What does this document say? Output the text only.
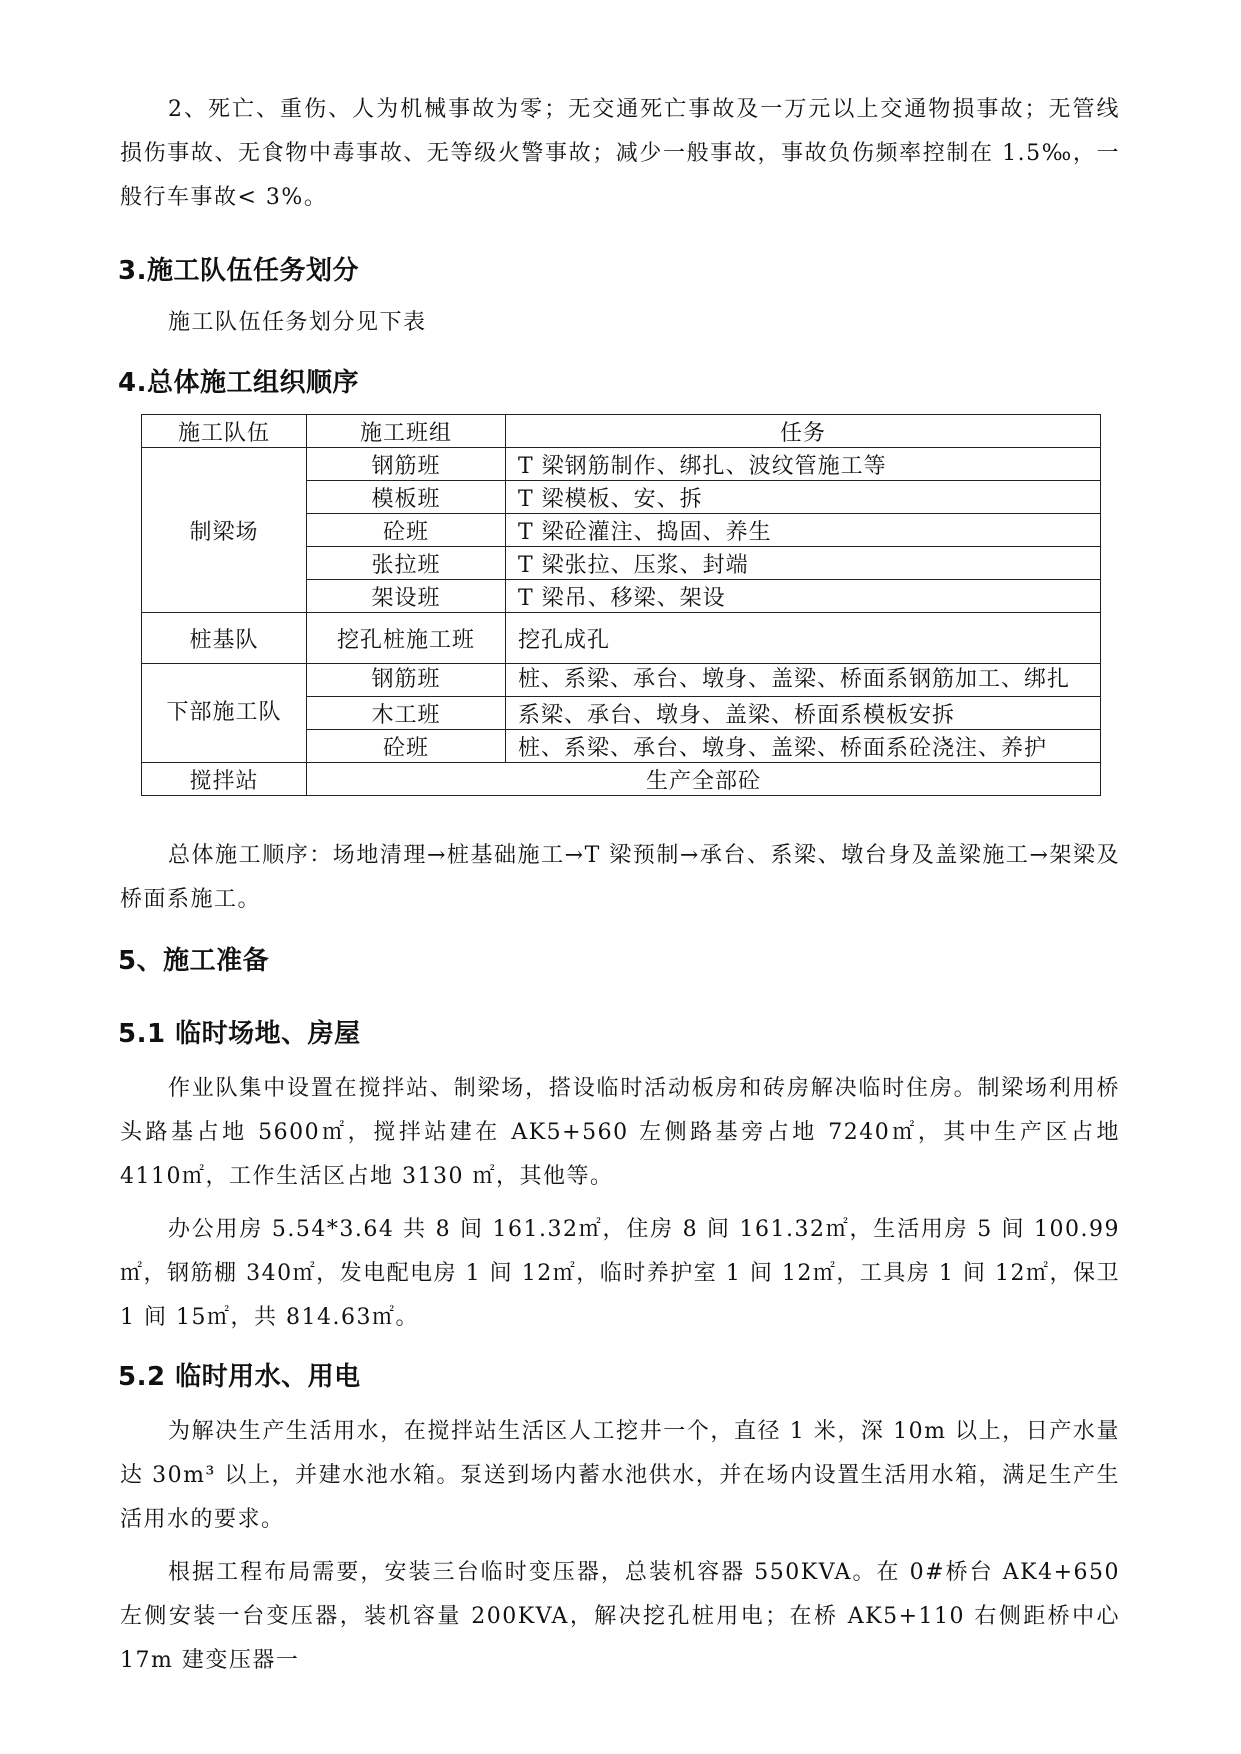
2、死亡、重伤、人为机械事故为零；无交通死亡事故及一万元以上交通物损事故；无管线损伤事故、无食物中毒事故、无等级火警事故；减少一般事故，事故负伤频率控制在 1.5‰，一般行车事故< 3%。

3.施工队伍任务划分

施工队伍任务划分见下表

4.总体施工组织顺序
施工队伍	施工班组	任务
制梁场	钢筋班	T 梁钢筋制作、绑扎、波纹管施工等
	模板班	T 梁模板、安、拆
	砼班	T 梁砼灌注、捣固、养生
	张拉班	T 梁张拉、压浆、封端
	架设班	T 梁吊、移梁、架设
桩基队	挖孔桩施工班	挖孔成孔
下部施工队	钢筋班	桩、系梁、承台、墩身、盖梁、桥面系钢筋加工、绑扎
	木工班	系梁、承台、墩身、盖梁、桥面系模板安拆
	砼班	桩、系梁、承台、墩身、盖梁、桥面系砼浇注、养护
搅拌站	生产全部砼	

总体施工顺序：场地清理→桩基础施工→T 梁预制→承台、系梁、墩台身及盖梁施工→架梁及桥面系施工。

5、施工准备
5.1 临时场地、房屋

作业队集中设置在搅拌站、制梁场，搭设临时活动板房和砖房解决临时住房。制梁场利用桥头路基占地 5600㎡，搅拌站建在 AK5+560 左侧路基旁占地 7240㎡，其中生产区占地 4110㎡，工作生活区占地 3130 ㎡，其他等。

办公用房 5.54*3.64 共 8 间 161.32㎡，住房 8 间 161.32㎡，生活用房 5 间 100.99㎡，钢筋棚 340㎡，发电配电房 1 间 12㎡，临时养护室 1 间 12㎡，工具房 1 间 12㎡，保卫 1 间 15㎡，共 814.63㎡。

5.2 临时用水、用电

为解决生产生活用水，在搅拌站生活区人工挖井一个，直径 1 米，深 10m 以上，日产水量达 30m³ 以上，并建水池水箱。泵送到场内蓄水池供水，并在场内设置生活用水箱，满足生产生活用水的要求。

根据工程布局需要，安装三台临时变压器，总装机容器 550KVA。在 0#桥台 AK4+650 左侧安装一台变压器，装机容量 200KVA，解决挖孔桩用电；在桥 AK5+110 右侧距桥中心 17m 建变压器一
